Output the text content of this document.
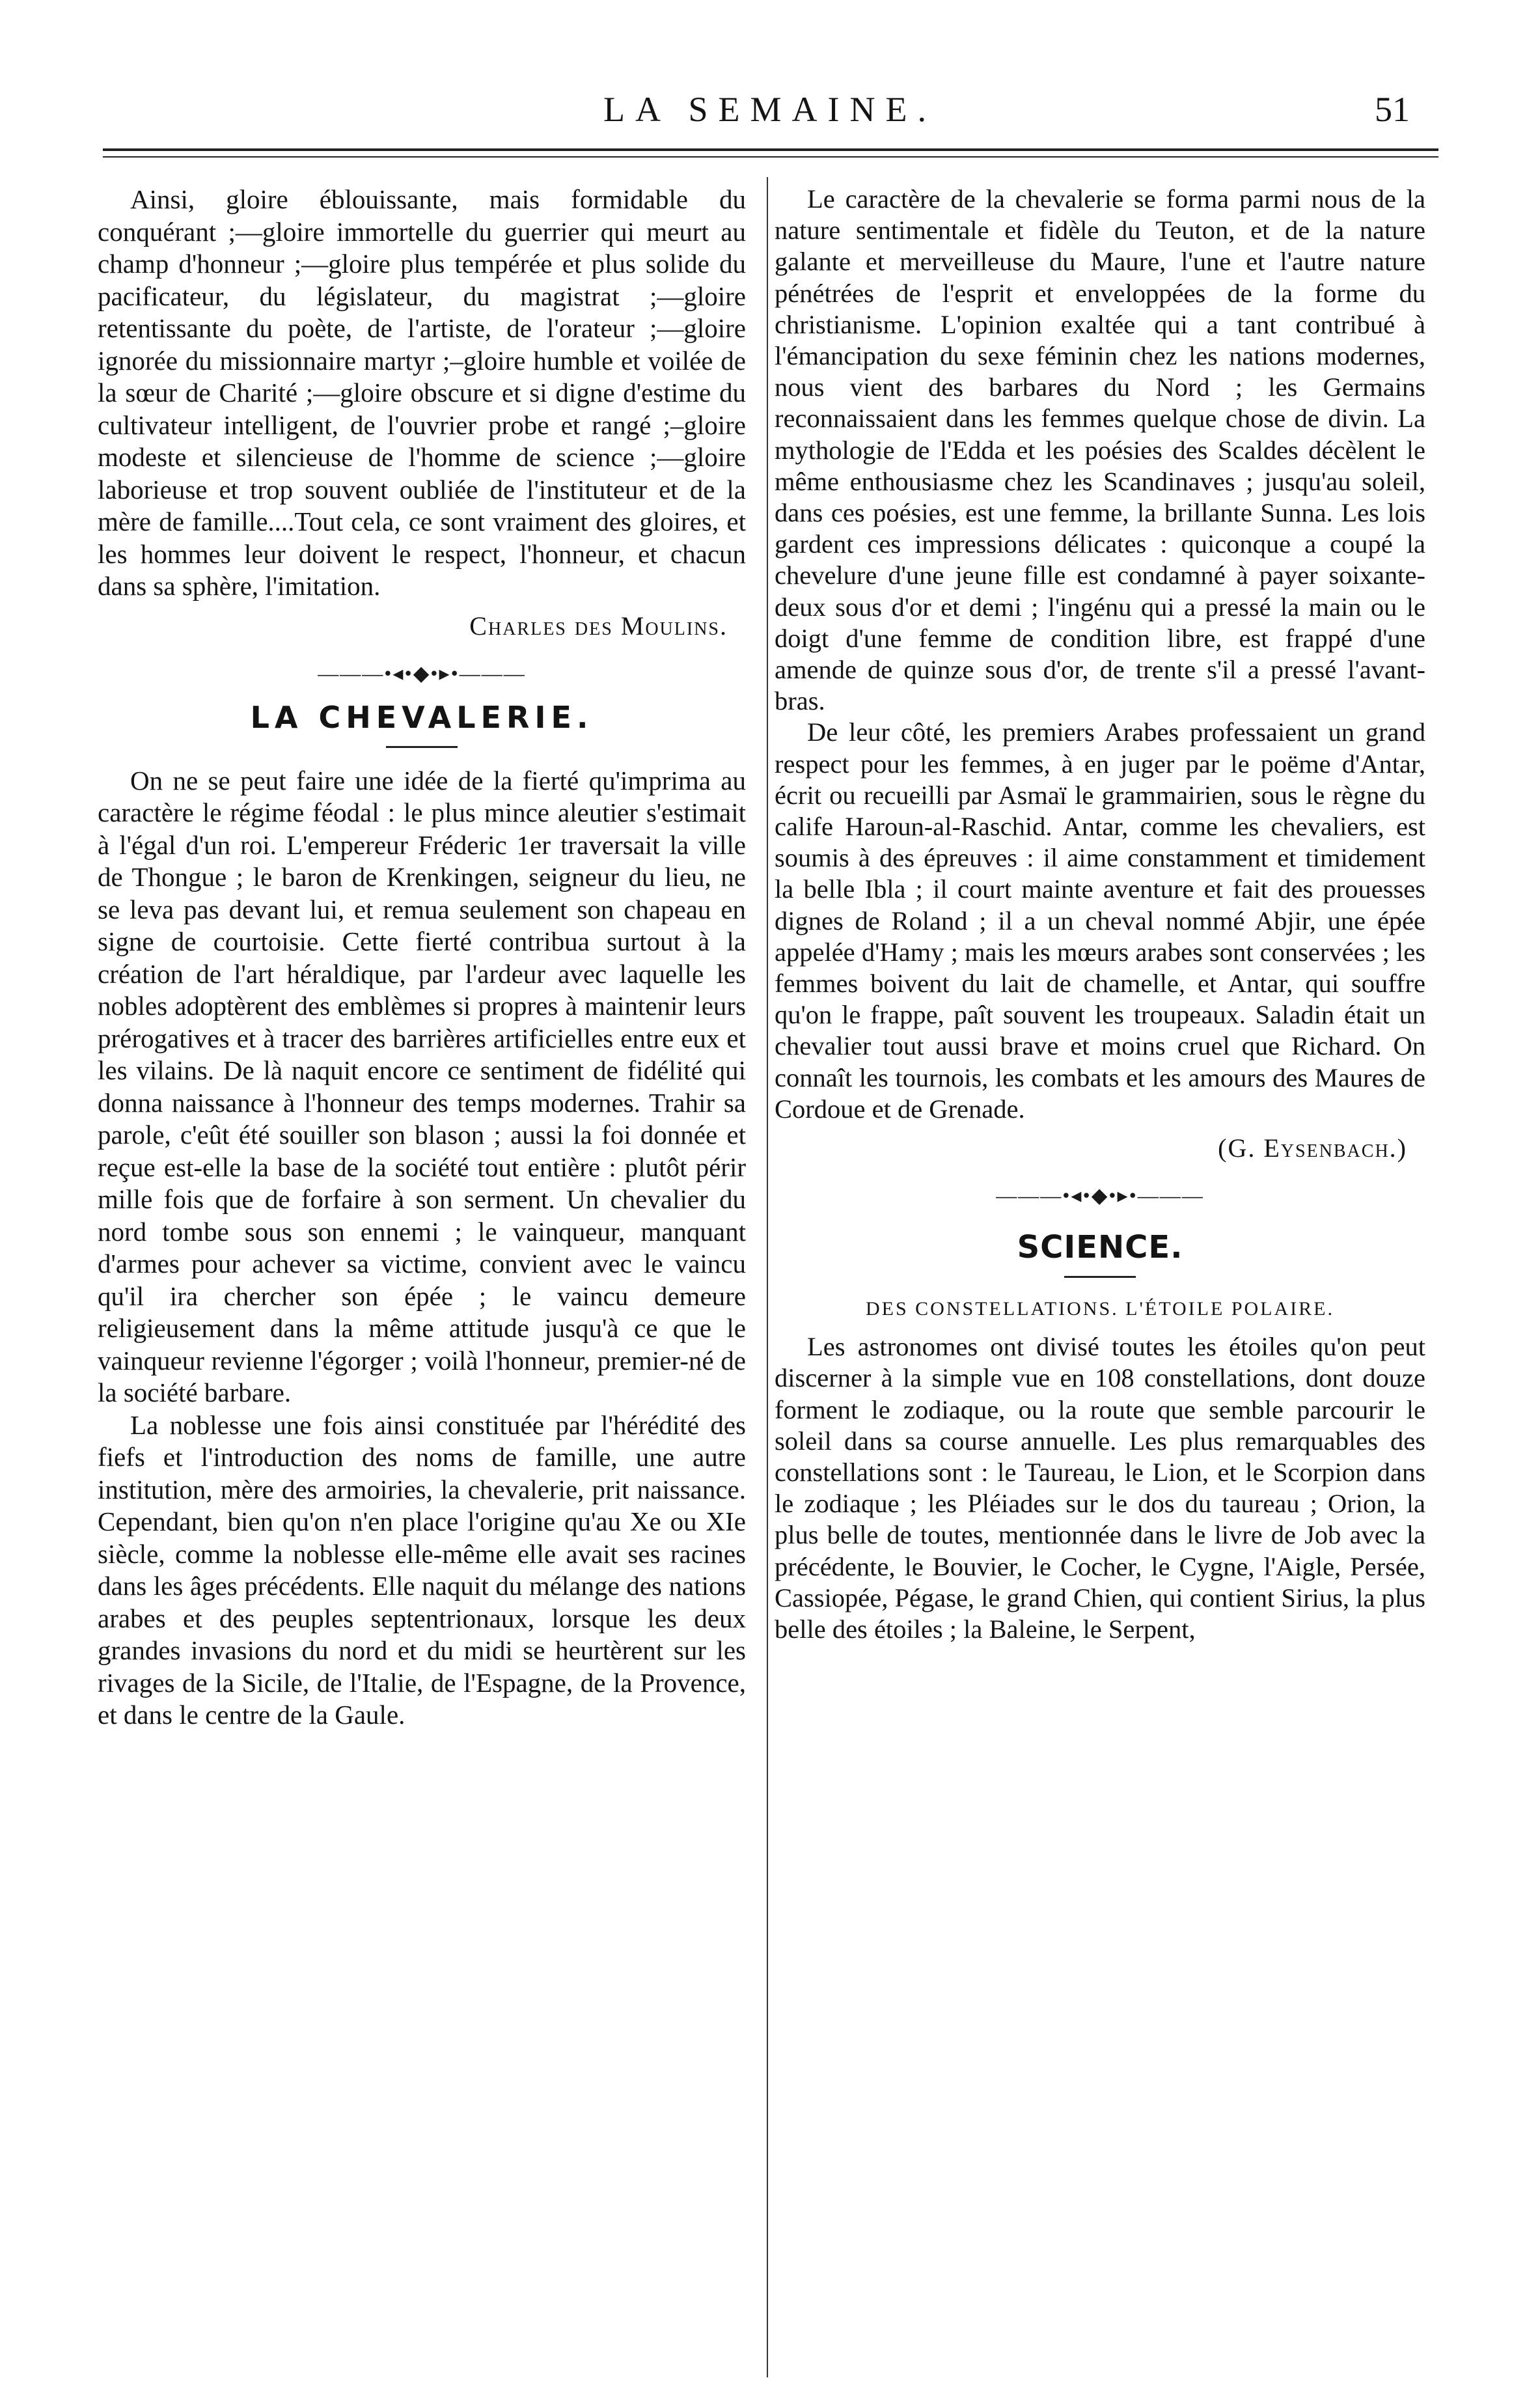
LA SEMAINE.	51

Ainsi, gloire éblouissante, mais formidable du conquérant ;—gloire immortelle du guerrier qui meurt au champ d'honneur ;—gloire plus tempérée et plus solide du pacificateur, du législateur, du magistrat ;—gloire retentissante du poète, de l'artiste, de l'orateur ;—gloire ignorée du missionnaire martyr ;–gloire humble et voilée de la sœur de Charité ;—gloire obscure et si digne d'estime du cultivateur intelligent, de l'ouvrier probe et rangé ;–gloire modeste et silencieuse de l'homme de science ;—gloire laborieuse et trop souvent oubliée de l'instituteur et de la mère de famille....Tout cela, ce sont vraiment des gloires, et les hommes leur doivent le respect, l'honneur, et chacun dans sa sphère, l'imitation.

Charles des Moulins.
———•◂•◆•▸•———
LA CHEVALERIE.

On ne se peut faire une idée de la fierté qu'imprima au caractère le régime féodal : le plus mince aleutier s'estimait à l'égal d'un roi. L'empereur Fréderic 1er traversait la ville de Thongue ; le baron de Krenkingen, seigneur du lieu, ne se leva pas devant lui, et remua seulement son chapeau en signe de courtoisie. Cette fierté contribua surtout à la création de l'art héraldique, par l'ardeur avec laquelle les nobles adoptèrent des emblèmes si propres à maintenir leurs prérogatives et à tracer des barrières artificielles entre eux et les vilains. De là naquit encore ce sentiment de fidélité qui donna naissance à l'honneur des temps modernes. Trahir sa parole, c'eût été souiller son blason ; aussi la foi donnée et reçue est-elle la base de la société tout entière : plutôt périr mille fois que de forfaire à son serment. Un chevalier du nord tombe sous son ennemi ; le vainqueur, manquant d'armes pour achever sa victime, convient avec le vaincu qu'il ira chercher son épée ; le vaincu demeure religieusement dans la même attitude jusqu'à ce que le vainqueur revienne l'égorger ; voilà l'honneur, premier-né de la société barbare.

La noblesse une fois ainsi constituée par l'hérédité des fiefs et l'introduction des noms de famille, une autre institution, mère des armoiries, la chevalerie, prit naissance. Cependant, bien qu'on n'en place l'origine qu'au Xe ou XIe siècle, comme la noblesse elle-même elle avait ses racines dans les âges précédents. Elle naquit du mélange des nations arabes et des peuples septentrionaux, lorsque les deux grandes invasions du nord et du midi se heurtèrent sur les rivages de la Sicile, de l'Italie, de l'Espagne, de la Provence, et dans le centre de la Gaule.

Le caractère de la chevalerie se forma parmi nous de la nature sentimentale et fidèle du Teuton, et de la nature galante et merveilleuse du Maure, l'une et l'autre nature pénétrées de l'esprit et enveloppées de la forme du christianisme. L'opinion exaltée qui a tant contribué à l'émancipation du sexe féminin chez les nations modernes, nous vient des barbares du Nord ; les Germains reconnaissaient dans les femmes quelque chose de divin. La mythologie de l'Edda et les poésies des Scaldes décèlent le même enthousiasme chez les Scandinaves ; jusqu'au soleil, dans ces poésies, est une femme, la brillante Sunna. Les lois gardent ces impressions délicates : quiconque a coupé la chevelure d'une jeune fille est condamné à payer soixante-deux sous d'or et demi ; l'ingénu qui a pressé la main ou le doigt d'une femme de condition libre, est frappé d'une amende de quinze sous d'or, de trente s'il a pressé l'avant-bras.

De leur côté, les premiers Arabes professaient un grand respect pour les femmes, à en juger par le poëme d'Antar, écrit ou recueilli par Asmaï le grammairien, sous le règne du calife Haroun-al-Raschid. Antar, comme les chevaliers, est soumis à des épreuves : il aime constamment et timidement la belle Ibla ; il court mainte aventure et fait des prouesses dignes de Roland ; il a un cheval nommé Abjir, une épée appelée d'Hamy ; mais les mœurs arabes sont conservées ; les femmes boivent du lait de chamelle, et Antar, qui souffre qu'on le frappe, paît souvent les troupeaux. Saladin était un chevalier tout aussi brave et moins cruel que Richard. On connaît les tournois, les combats et les amours des Maures de Cordoue et de Grenade.

(G. Eysenbach.)
———•◂•◆•▸•———
SCIENCE.
DES CONSTELLATIONS. L'ÉTOILE POLAIRE.

Les astronomes ont divisé toutes les étoiles qu'on peut discerner à la simple vue en 108 constellations, dont douze forment le zodiaque, ou la route que semble parcourir le soleil dans sa course annuelle. Les plus remarquables des constellations sont : le Taureau, le Lion, et le Scorpion dans le zodiaque ; les Pléiades sur le dos du taureau ; Orion, la plus belle de toutes, mentionnée dans le livre de Job avec la précédente, le Bouvier, le Cocher, le Cygne, l'Aigle, Persée, Cassiopée, Pégase, le grand Chien, qui contient Sirius, la plus belle des étoiles ; la Baleine, le Serpent,
